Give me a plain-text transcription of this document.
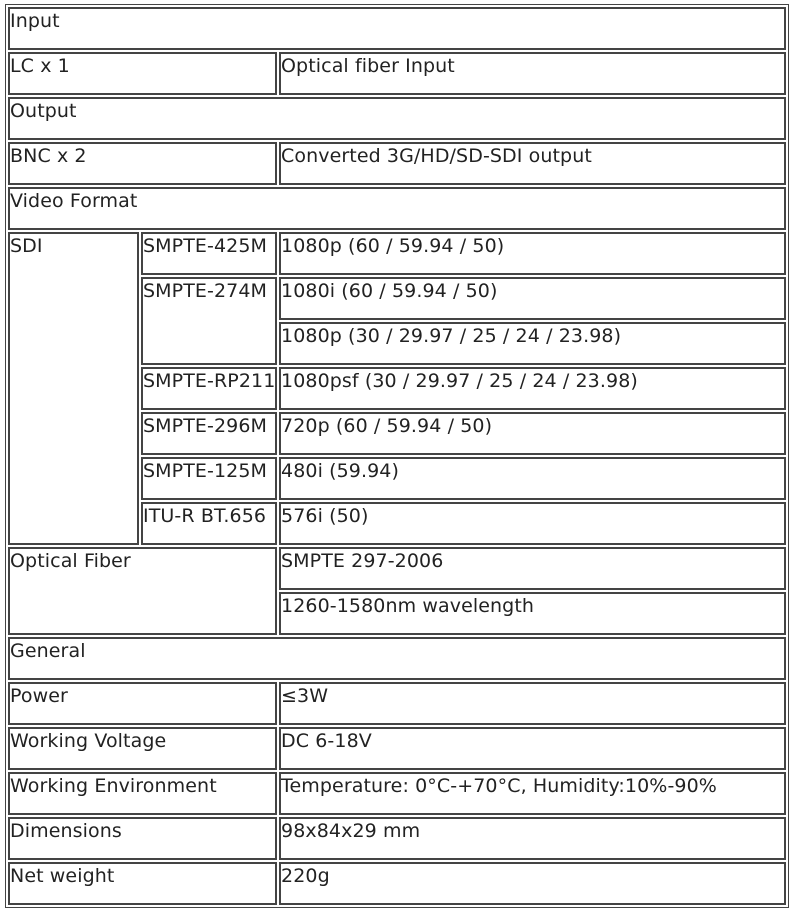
Input		
LC x 1		Optical fiber Input
Output		
BNC x 2		Converted 3G/HD/SD-SDI output
Video Format		
SDI	SMPTE-425M	1080p (60 / 59.94 / 50)
	SMPTE-274M	1080i (60 / 59.94 / 50)
		1080p (30 / 29.97 / 25 / 24 / 23.98)
	SMPTE-RP211	1080psf (30 / 29.97 / 25 / 24 / 23.98)
	SMPTE-296M	720p (60 / 59.94 / 50)
	SMPTE-125M	480i (59.94)
	ITU-R BT.656	576i (50)
Optical Fiber		SMPTE 297-2006
		1260-1580nm wavelength
General		
Power		≤3W
Working Voltage		DC 6-18V
Working Environment		Temperature: 0°C-+70°C, Humidity:10%-90%
Dimensions		98x84x29 mm
Net weight		220g
